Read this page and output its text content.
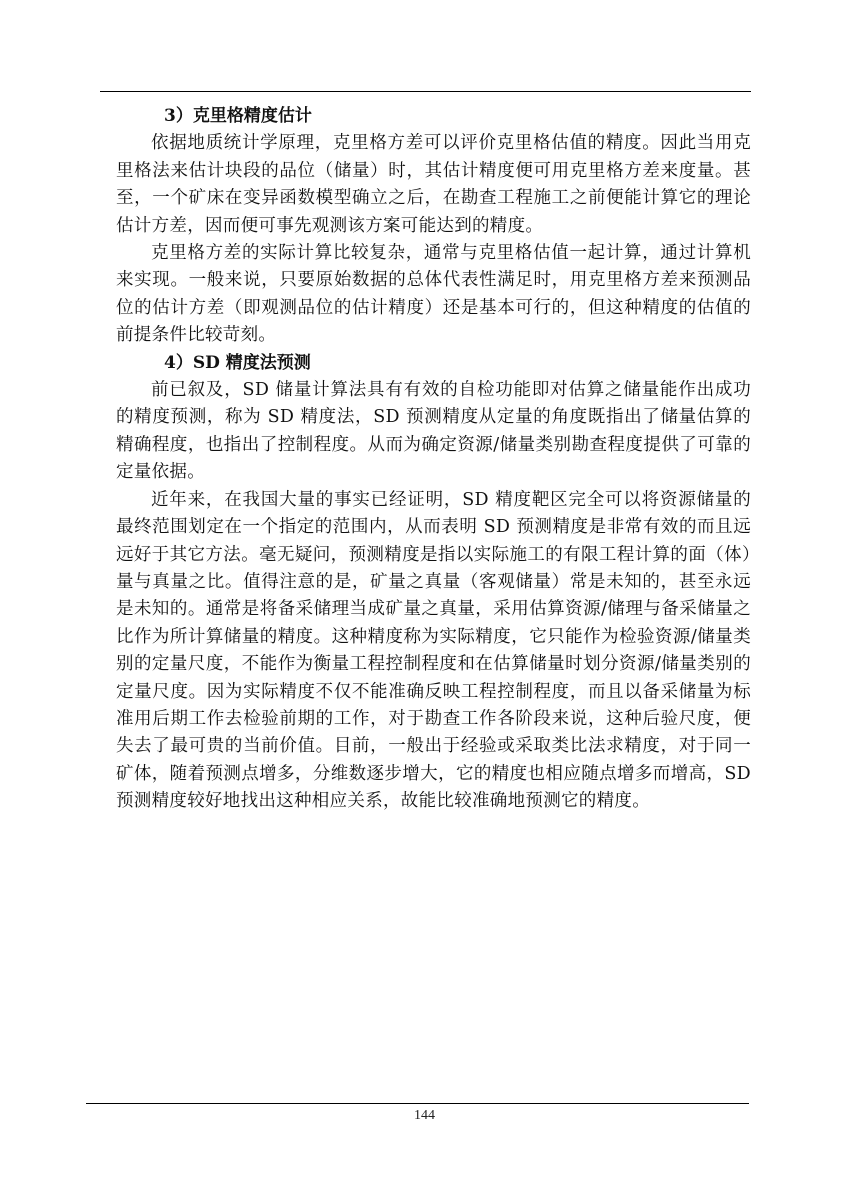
3）克里格精度估计

依据地质统计学原理，克里格方差可以评价克里格估值的精度。因此当用克里格法来估计块段的品位（储量）时，其估计精度便可用克里格方差来度量。甚至，一个矿床在变异函数模型确立之后，在勘查工程施工之前便能计算它的理论估计方差，因而便可事先观测该方案可能达到的精度。

克里格方差的实际计算比较复杂，通常与克里格估值一起计算，通过计算机来实现。一般来说，只要原始数据的总体代表性满足时，用克里格方差来预测品位的估计方差（即观测品位的估计精度）还是基本可行的，但这种精度的估值的前提条件比较苛刻。

4）SD 精度法预测

前已叙及，SD 储量计算法具有有效的自检功能即对估算之储量能作出成功的精度预测，称为 SD 精度法，SD 预测精度从定量的角度既指出了储量估算的精确程度，也指出了控制程度。从而为确定资源/储量类别勘查程度提供了可靠的定量依据。

近年来，在我国大量的事实已经证明，SD 精度靶区完全可以将资源储量的最终范围划定在一个指定的范围内，从而表明 SD 预测精度是非常有效的而且远远好于其它方法。毫无疑问，预测精度是指以实际施工的有限工程计算的面（体）量与真量之比。值得注意的是，矿量之真量（客观储量）常是未知的，甚至永远是未知的。通常是将备采储理当成矿量之真量，采用估算资源/储理与备采储量之比作为所计算储量的精度。这种精度称为实际精度，它只能作为检验资源/储量类别的定量尺度，不能作为衡量工程控制程度和在估算储量时划分资源/储量类别的定量尺度。因为实际精度不仅不能准确反映工程控制程度，而且以备采储量为标准用后期工作去检验前期的工作，对于勘查工作各阶段来说，这种后验尺度，便失去了最可贵的当前价值。目前，一般出于经验或采取类比法求精度，对于同一矿体，随着预测点增多，分维数逐步增大，它的精度也相应随点增多而增高，SD 预测精度较好地找出这种相应关系，故能比较准确地预测它的精度。

144
